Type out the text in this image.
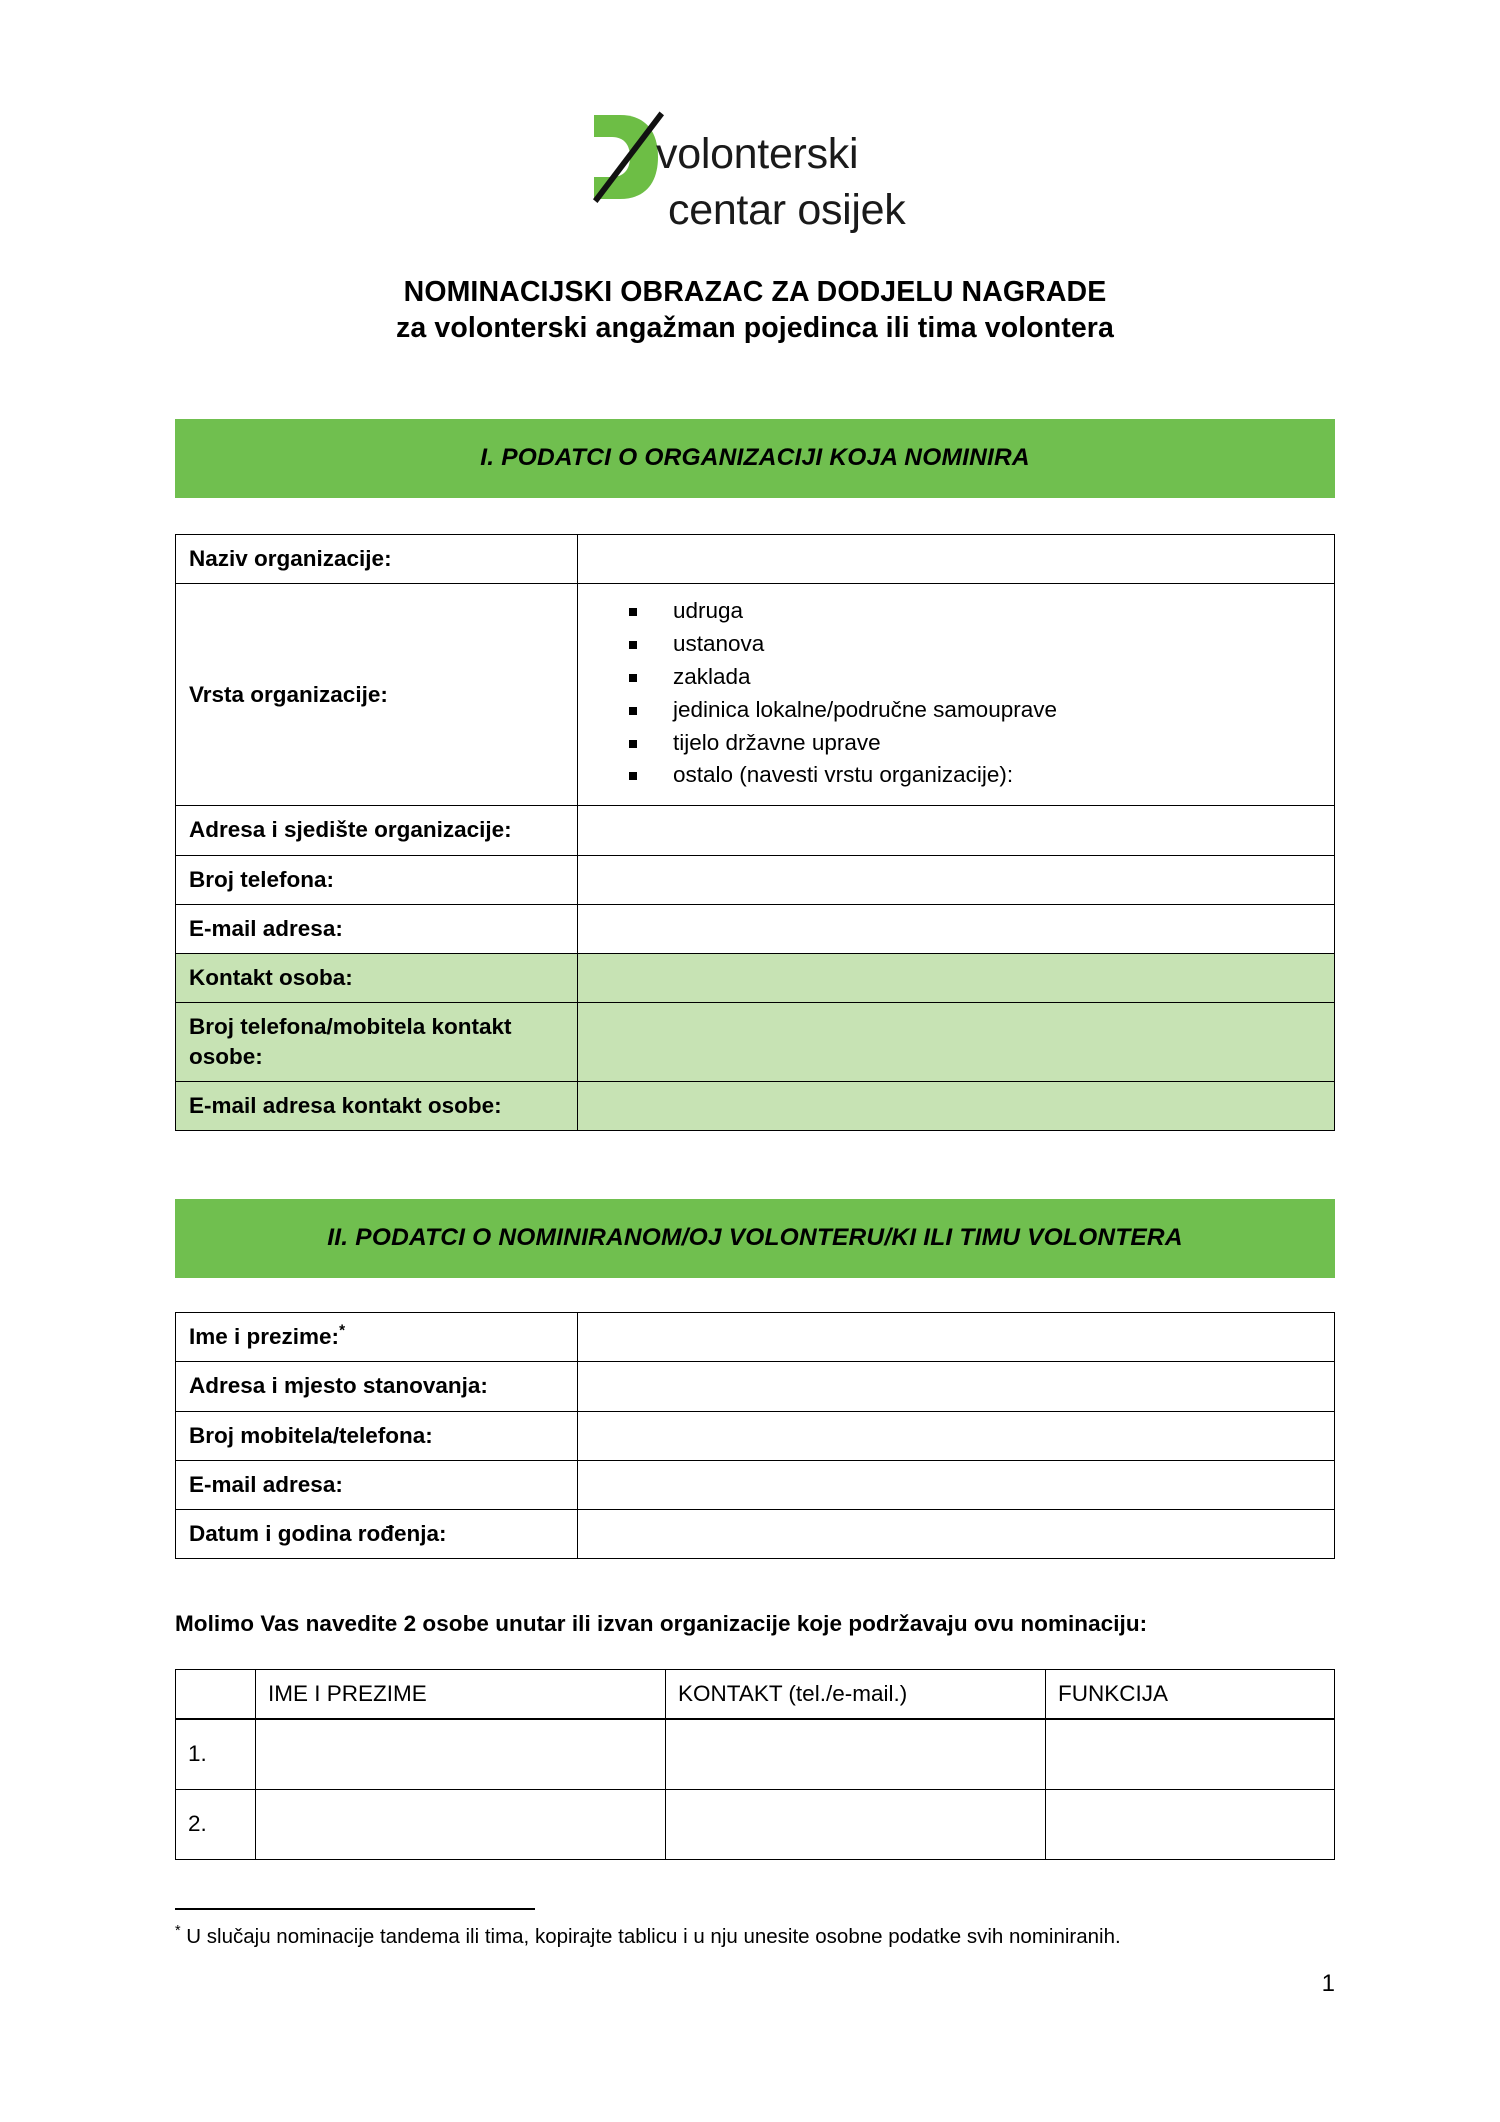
volonterski
centar osijek
NOMINACIJSKI OBRAZAC ZA DODJELU NAGRADE
za volonterski angažman pojedinca ili tima volontera
I. PODATCI O ORGANIZACIJI KOJA NOMINIRA
Naziv organizacije:	
Vrsta organizacije:	
udruga
ustanova
zaklada
jedinica lokalne/područne samouprave
tijelo državne uprave
ostalo (navesti vrstu organizacije):

Adresa i sjedište organizacije:	
Broj telefona:	
E-mail adresa:	
Kontakt osoba:	
Broj telefona/mobitela kontakt osobe:	
E-mail adresa kontakt osobe:	
II. PODATCI O NOMINIRANOM/OJ VOLONTERU/KI ILI TIMU VOLONTERA
Ime i prezime:*	
Adresa i mjesto stanovanja:	
Broj mobitela/telefona:	
E-mail adresa:	
Datum i godina rođenja:	
Molimo Vas navedite 2 osobe unutar ili izvan organizacije koje podržavaju ovu nominaciju:
	IME I PREZIME	KONTAKT (tel./e-mail.)	FUNKCIJA
1.			
2.			
* U slučaju nominacije tandema ili tima, kopirajte tablicu i u nju unesite osobne podatke svih nominiranih.
1
